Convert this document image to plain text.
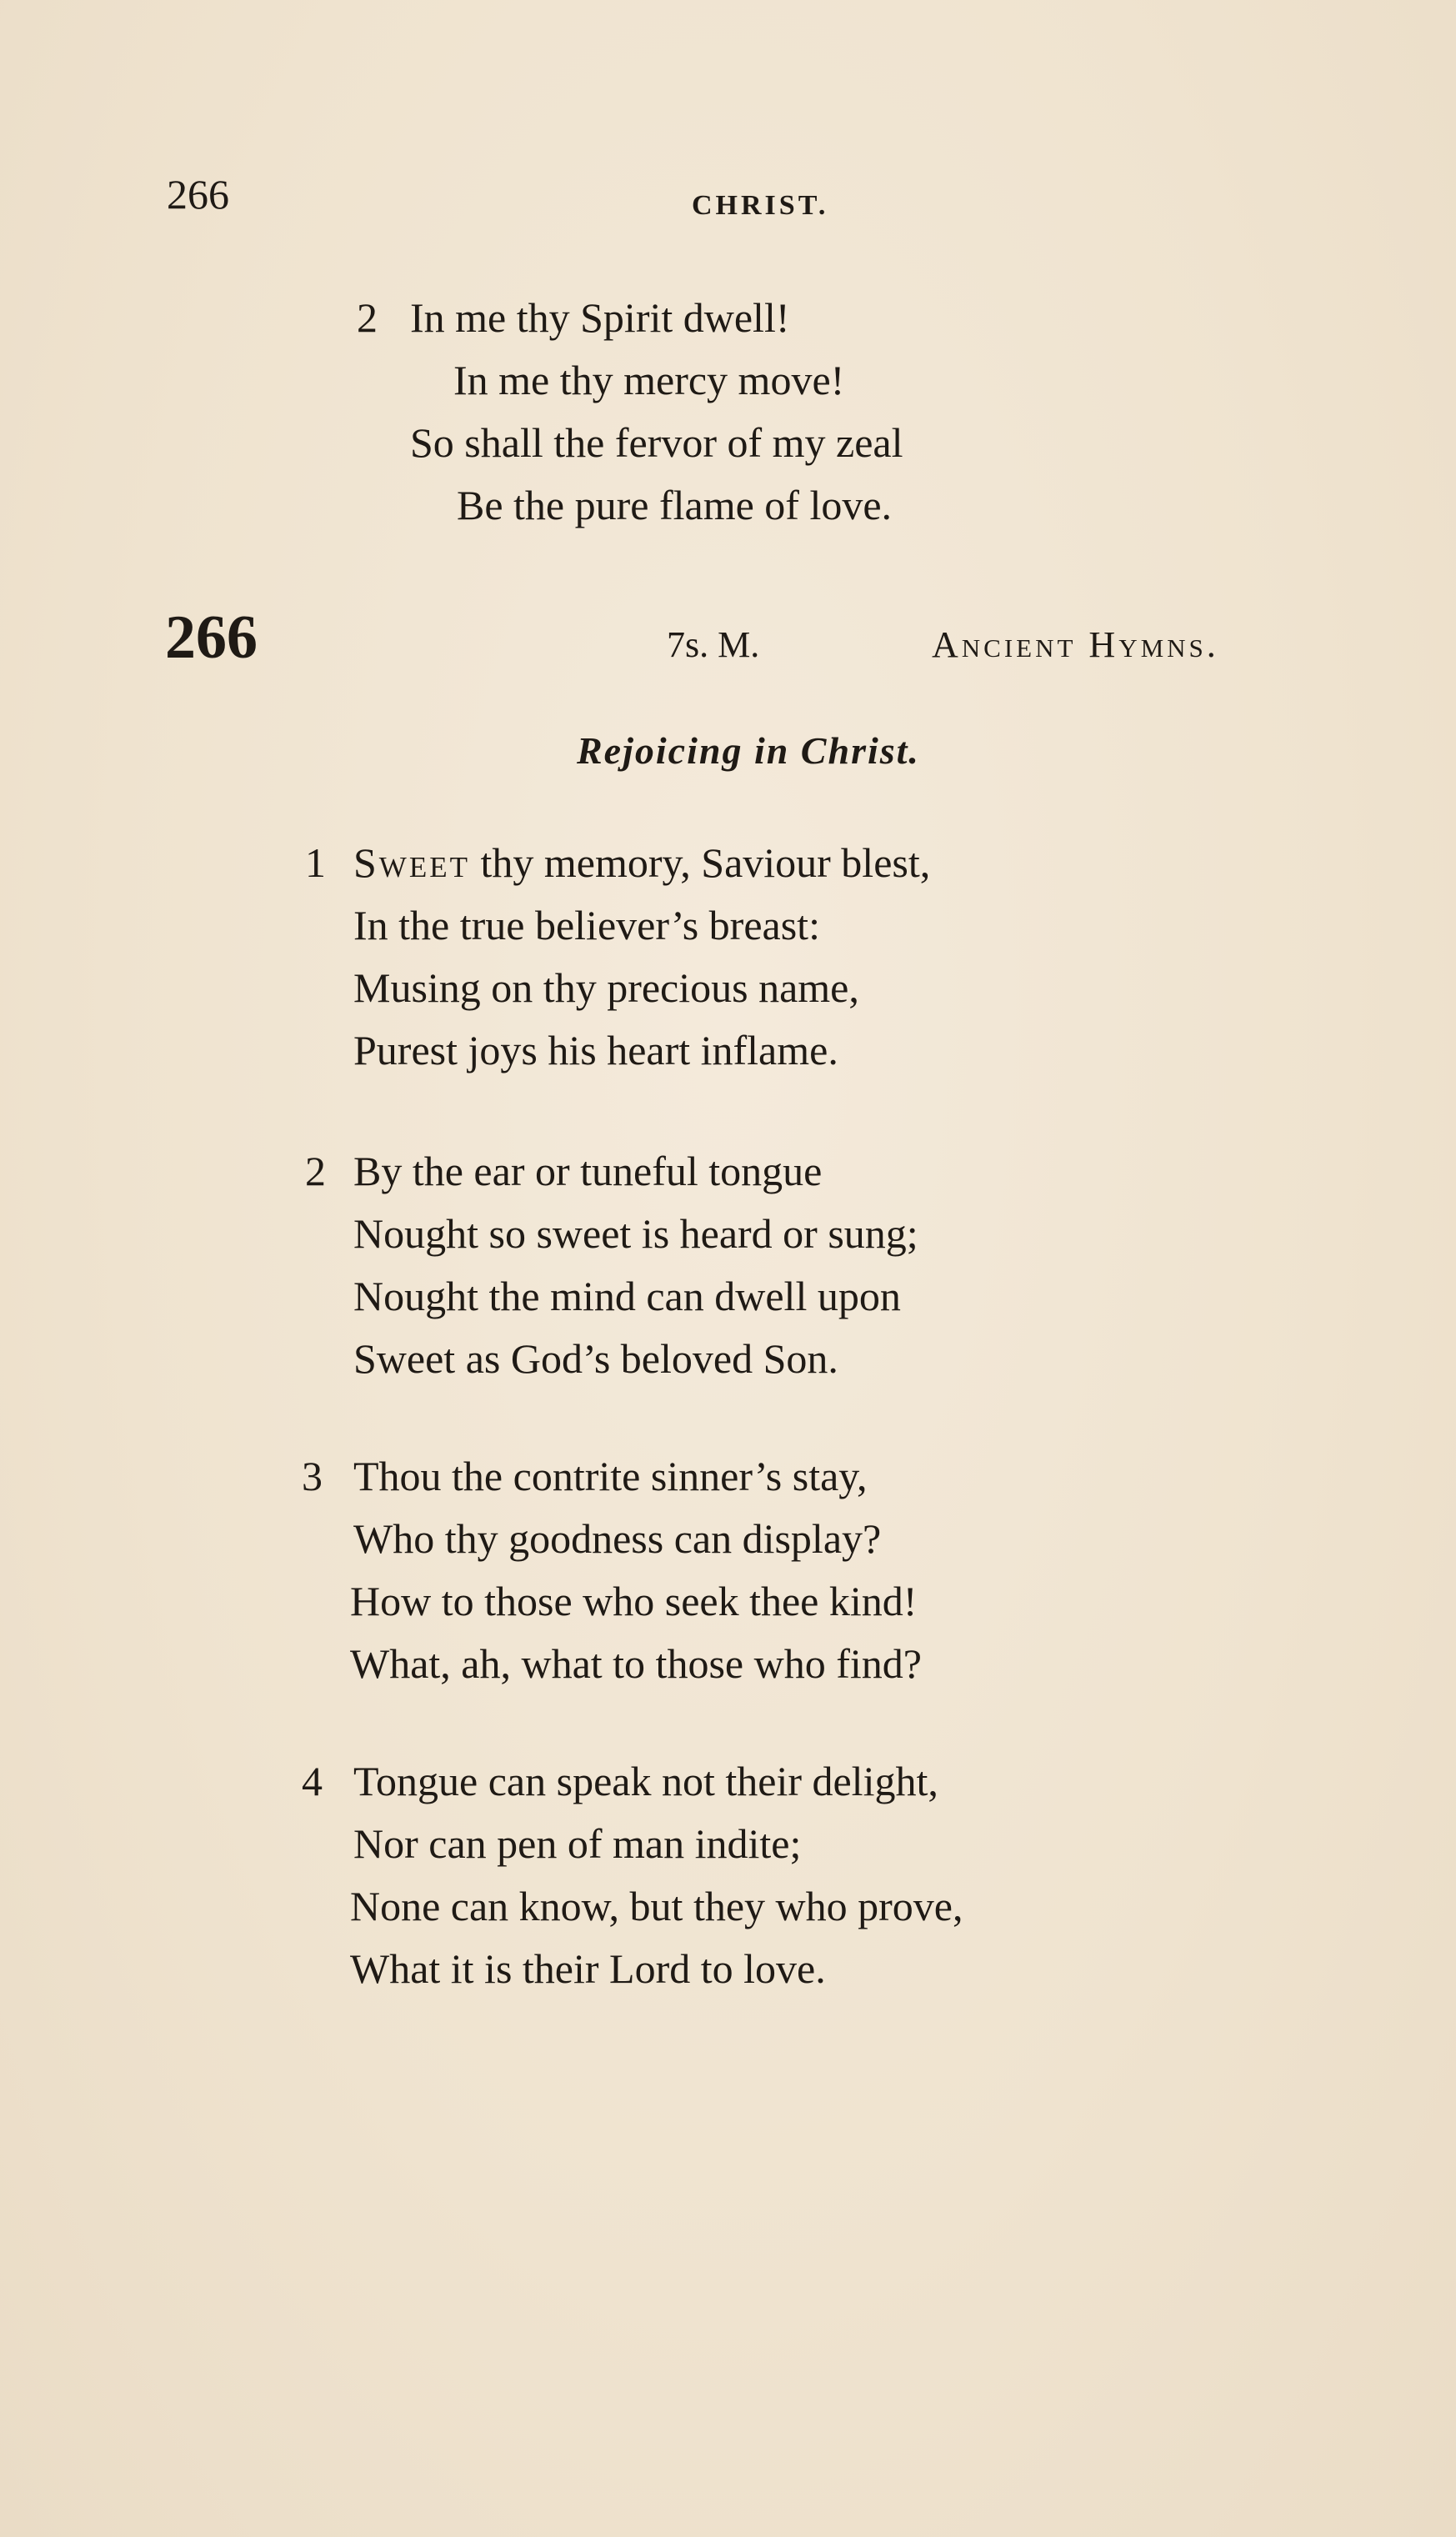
266	CHRIST.
2 In me thy Spirit dwell!
In me thy mercy move!
So shall the fervor of my zeal
Be the pure flame of love.
266	7s. M.	Ancient Hymns.
Rejoicing in Christ.
1 Sweet thy memory, Saviour blest,
In the true believer’s breast:
Musing on thy precious name,
Purest joys his heart inflame.
2 By the ear or tuneful tongue
Nought so sweet is heard or sung;
Nought the mind can dwell upon
Sweet as God’s beloved Son.
3 Thou the contrite sinner’s stay,
Who thy goodness can display?
How to those who seek thee kind!
What, ah, what to those who find?
4 Tongue can speak not their delight,
Nor can pen of man indite;
None can know, but they who prove,
What it is their Lord to love.
